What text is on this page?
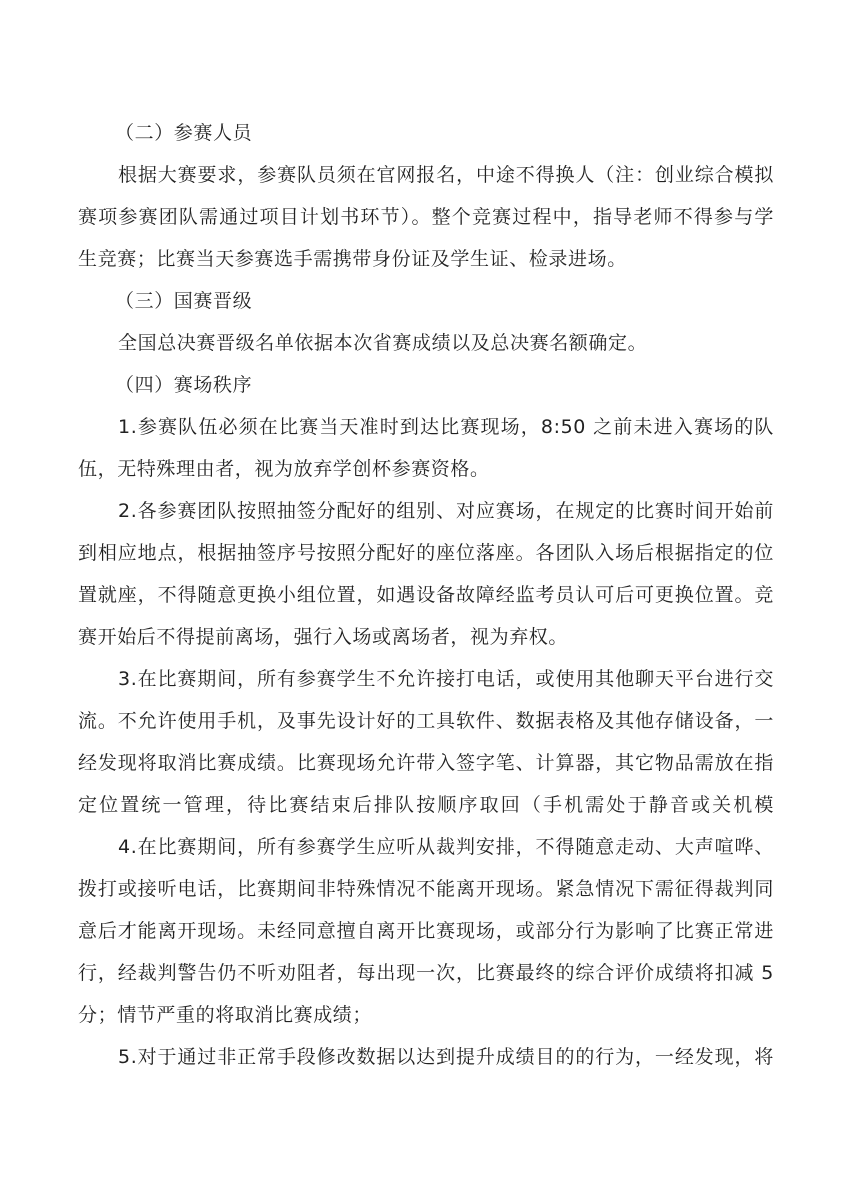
（二）参赛人员
根据大赛要求，参赛队员须在官网报名，中途不得换人（注：创业综合模拟
赛项参赛团队需通过项目计划书环节）。整个竞赛过程中，指导老师不得参与学
生竞赛；比赛当天参赛选手需携带身份证及学生证、检录进场。
（三）国赛晋级
全国总决赛晋级名单依据本次省赛成绩以及总决赛名额确定。
（四）赛场秩序
1.参赛队伍必须在比赛当天准时到达比赛现场，8:50 之前未进入赛场的队
伍，无特殊理由者，视为放弃学创杯参赛资格。
2.各参赛团队按照抽签分配好的组别、对应赛场，在规定的比赛时间开始前
到相应地点，根据抽签序号按照分配好的座位落座。各团队入场后根据指定的位
置就座，不得随意更换小组位置，如遇设备故障经监考员认可后可更换位置。竞
赛开始后不得提前离场，强行入场或离场者，视为弃权。
3.在比赛期间，所有参赛学生不允许接打电话，或使用其他聊天平台进行交
流。不允许使用手机，及事先设计好的工具软件、数据表格及其他存储设备，一
经发现将取消比赛成绩。比赛现场允许带入签字笔、计算器，其它物品需放在指
定位置统一管理，待比赛结束后排队按顺序取回（手机需处于静音或关机模
4.在比赛期间，所有参赛学生应听从裁判安排，不得随意走动、大声喧哗、
拨打或接听电话，比赛期间非特殊情况不能离开现场。紧急情况下需征得裁判同
意后才能离开现场。未经同意擅自离开比赛现场，或部分行为影响了比赛正常进
行，经裁判警告仍不听劝阻者，每出现一次，比赛最终的综合评价成绩将扣减 5
分；情节严重的将取消比赛成绩；
5.对于通过非正常手段修改数据以达到提升成绩目的的行为，一经发现，将
